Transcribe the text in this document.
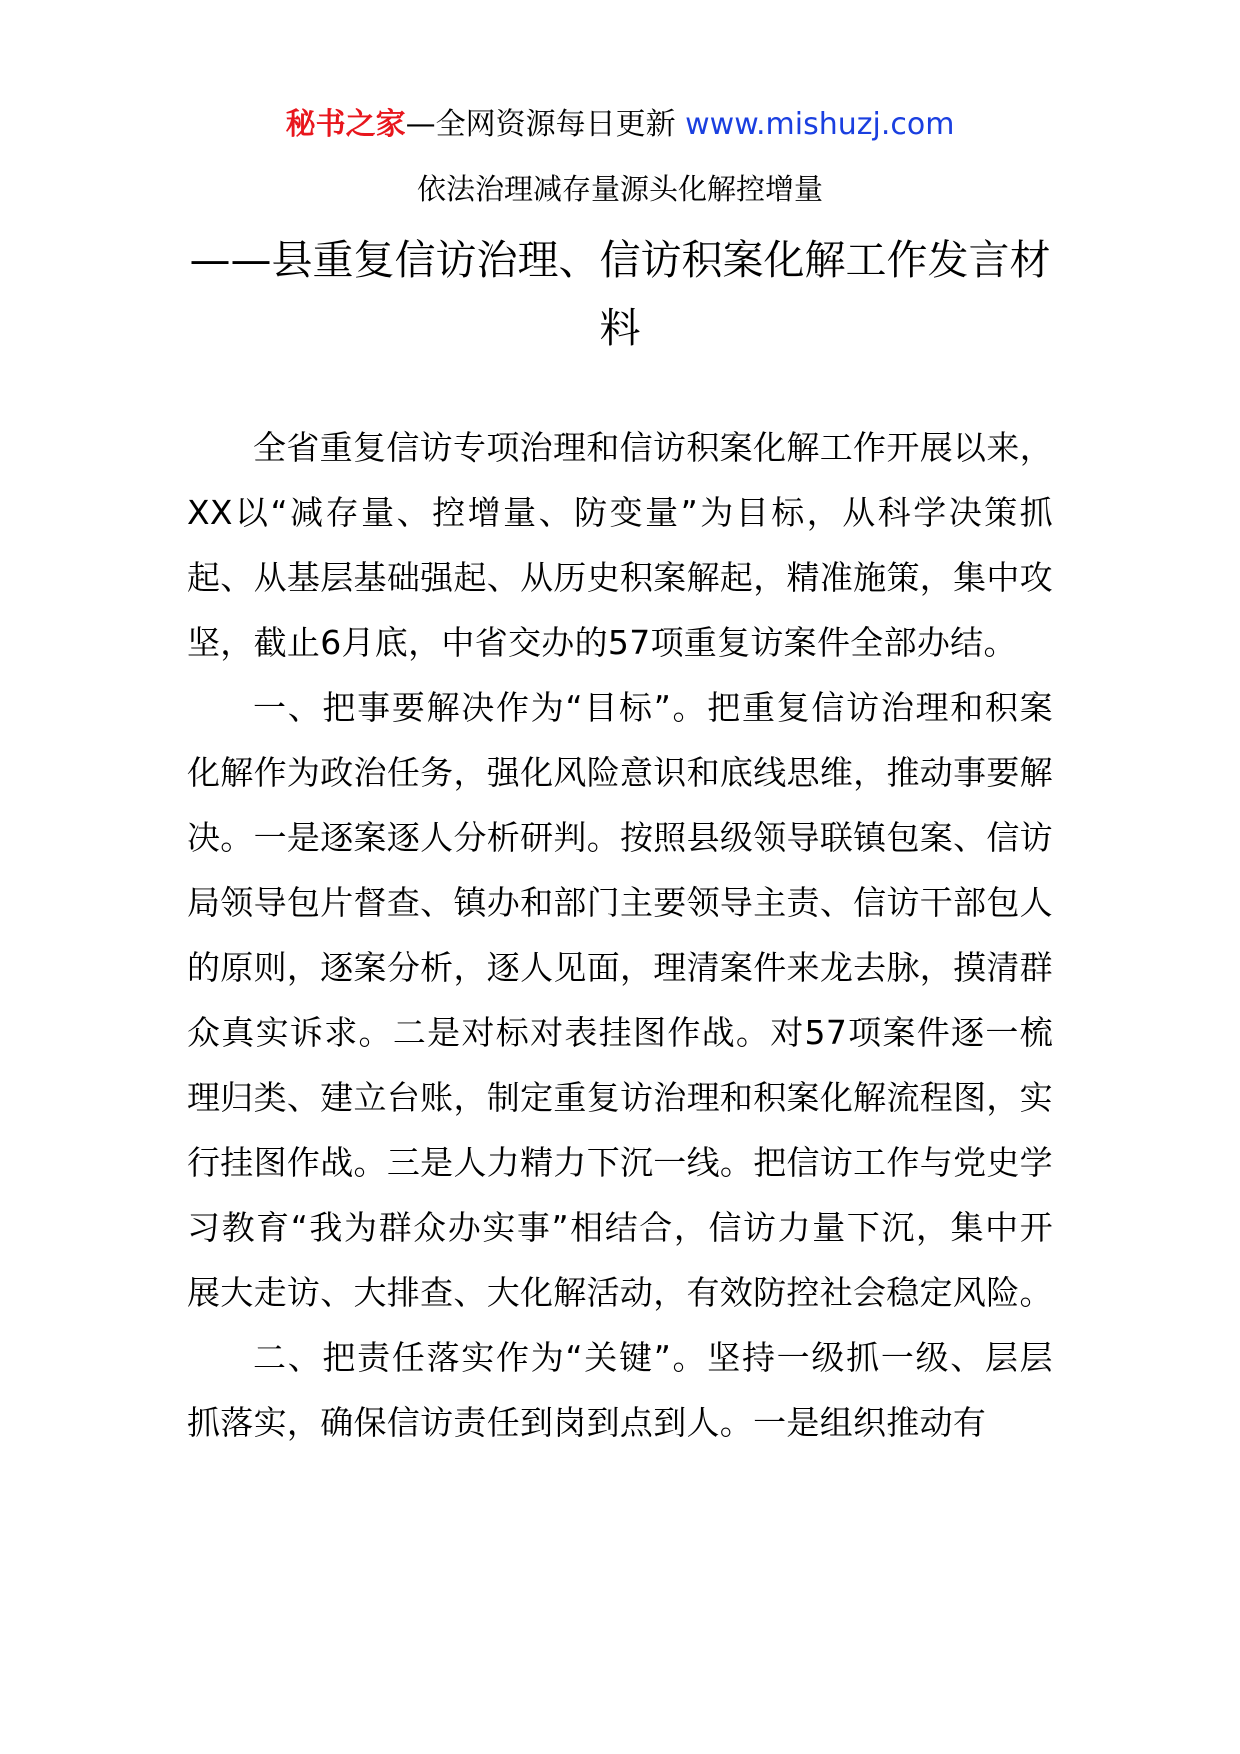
秘书之家—全网资源每日更新 www.mishuzj.com
依法治理减存量源头化解控增量
——县重复信访治理、信访积案化解工作发言材料

全省重复信访专项治理和信访积案化解工作开展以来，XX以“减存量、控增量、防变量”为目标，从科学决策抓起、从基层基础强起、从历史积案解起，精准施策，集中攻坚，截止6月底，中省交办的57项重复访案件全部办结。

一、把事要解决作为“目标”。把重复信访治理和积案化解作为政治任务，强化风险意识和底线思维，推动事要解决。一是逐案逐人分析研判。按照县级领导联镇包案、信访局领导包片督查、镇办和部门主要领导主责、信访干部包人的原则，逐案分析，逐人见面，理清案件来龙去脉，摸清群众真实诉求。二是对标对表挂图作战。对57项案件逐一梳理归类、建立台账，制定重复访治理和积案化解流程图，实行挂图作战。三是人力精力下沉一线。把信访工作与党史学习教育“我为群众办实事”相结合，信访力量下沉，集中开展大走访、大排查、大化解活动，有效防控社会稳定风险。

二、把责任落实作为“关键”。坚持一级抓一级、层层抓落实，确保信访责任到岗到点到人。一是组织推动有
